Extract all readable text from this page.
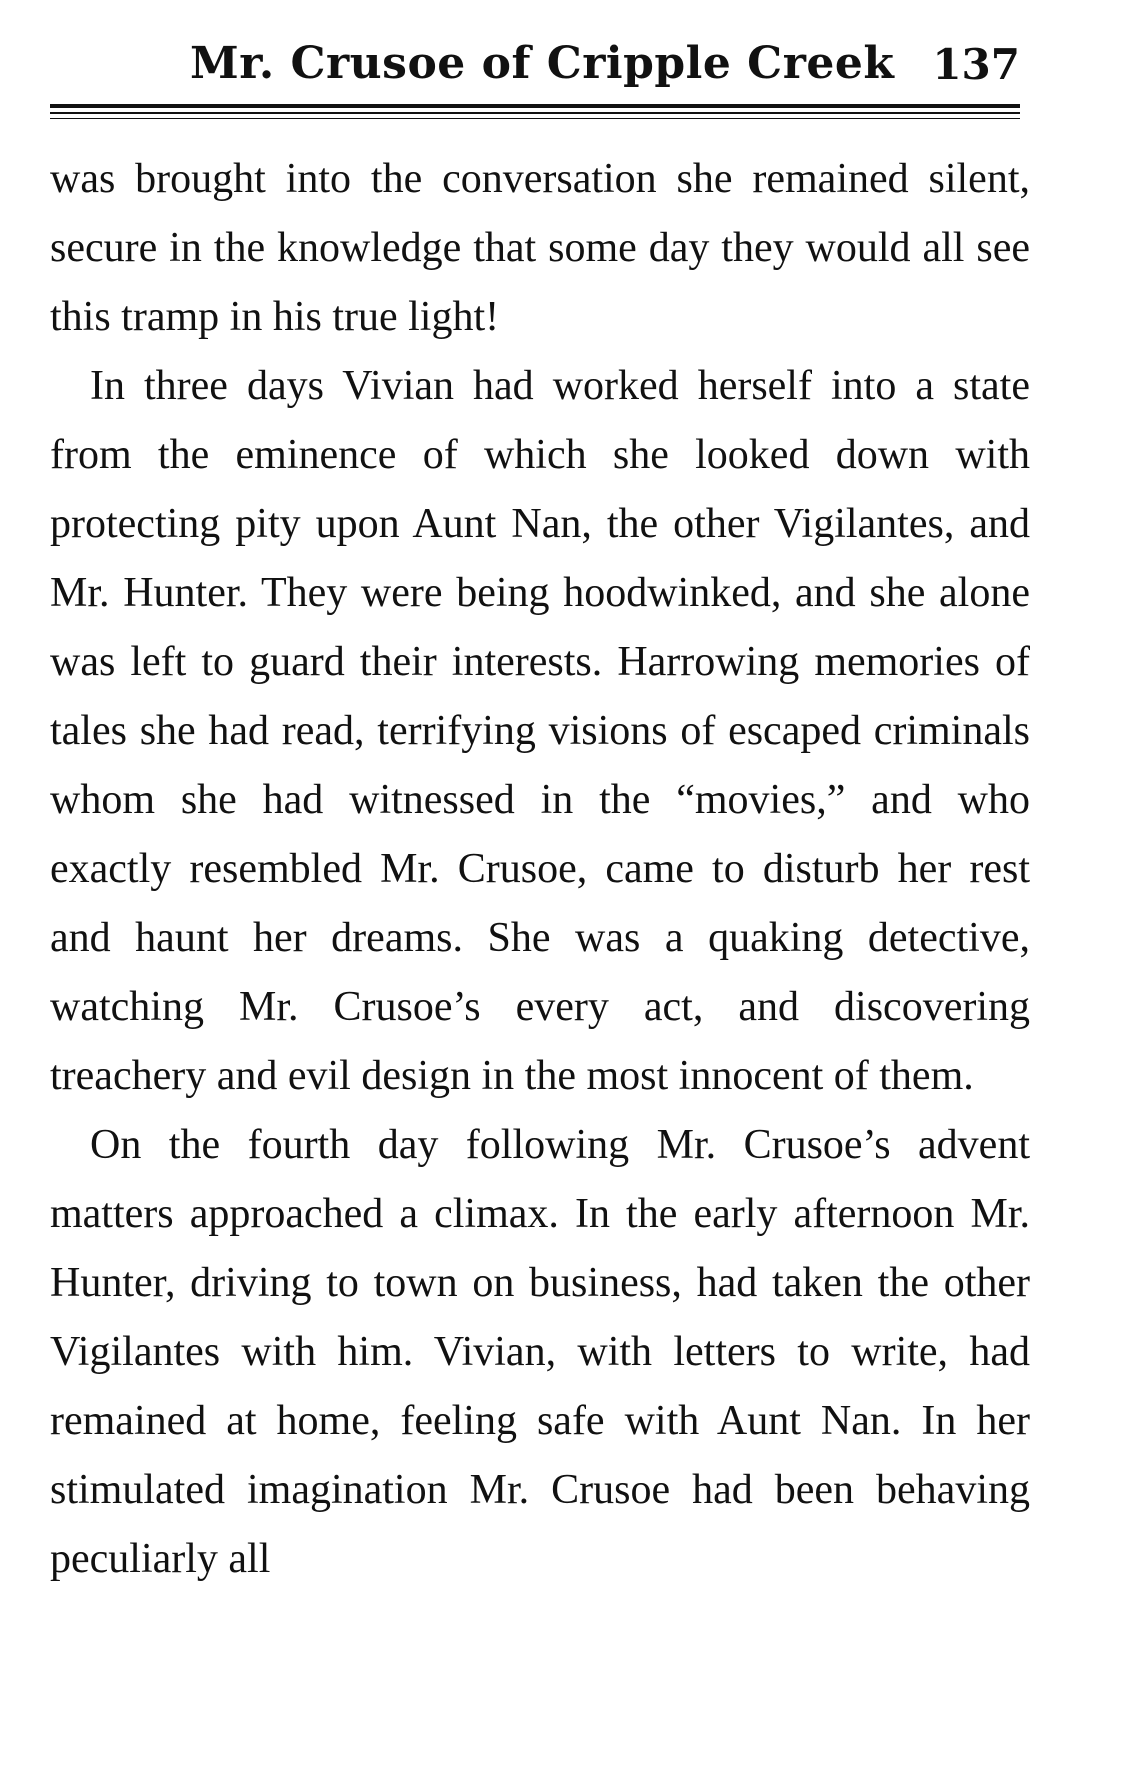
Mr. Crusoe of Cripple Creek 137

was brought into the conversation she remained silent, secure in the knowledge that some day they would all see this tramp in his true light!

In three days Vivian had worked herself into a state from the eminence of which she looked down with protecting pity upon Aunt Nan, the other Vigilantes, and Mr. Hunter. They were being hoodwinked, and she alone was left to guard their interests. Harrowing memories of tales she had read, terrifying visions of escaped criminals whom she had witnessed in the “movies,” and who exactly resembled Mr. Crusoe, came to disturb her rest and haunt her dreams. She was a quaking detective, watching Mr. Crusoe’s every act, and discovering treachery and evil design in the most innocent of them.

On the fourth day following Mr. Crusoe’s advent matters approached a climax. In the early afternoon Mr. Hunter, driving to town on business, had taken the other Vigilantes with him. Vivian, with letters to write, had remained at home, feeling safe with Aunt Nan. In her stimulated imagination Mr. Crusoe had been behaving peculiarly all
